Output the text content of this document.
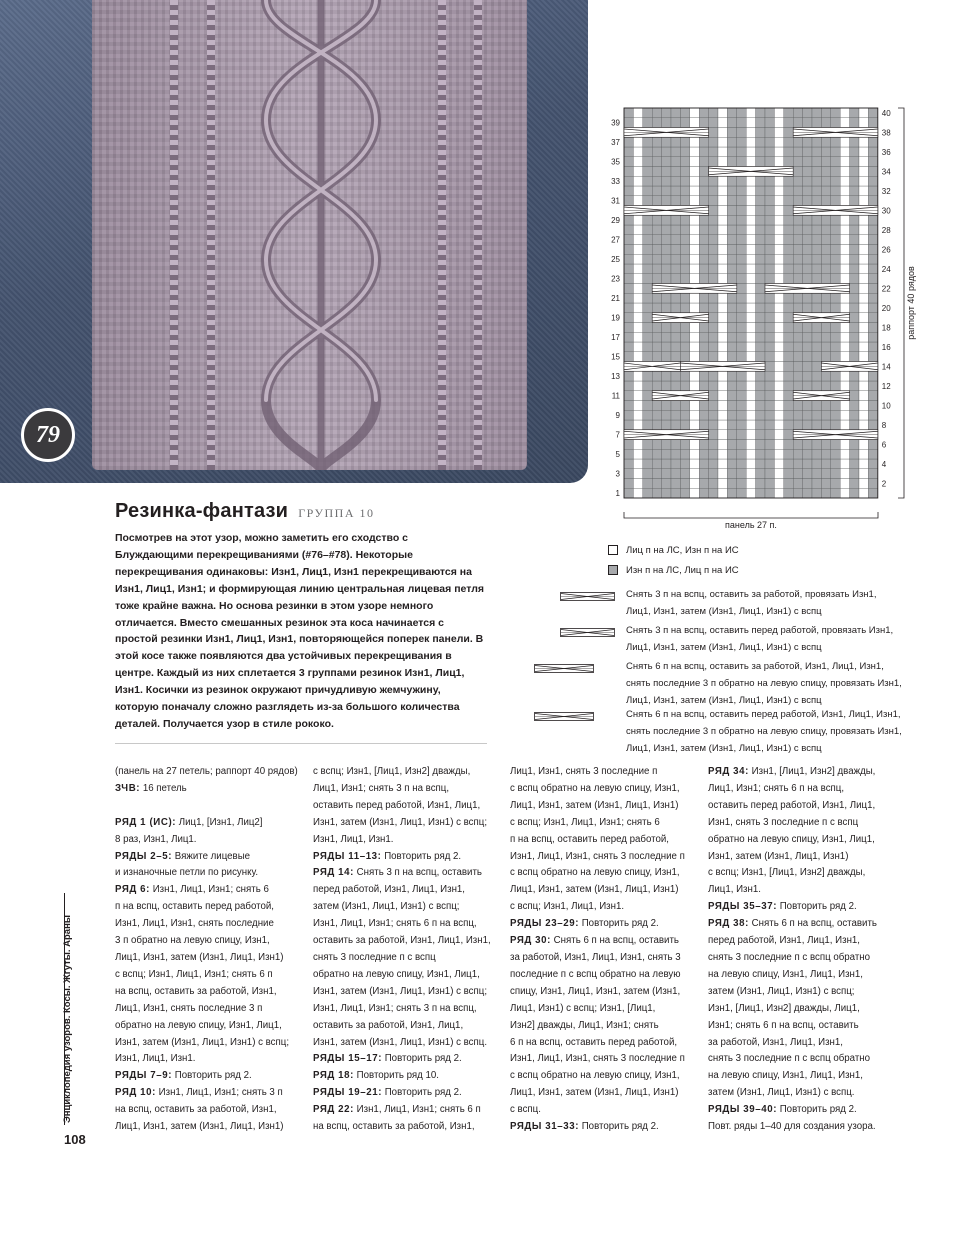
79
39
37
35
33
31
29
27
25
23
21
19
17
15
13
11
9
7
5
3
1
40
38
36
34
32
30
28
26
24
22
20
18
16
14
12
10
8
6
4
2
панель 27 п.
раппорт 40 рядов
Лиц п на ЛС, Изн п на ИС
Изн п на ЛС, Лиц п на ИС
Снять 3 п на вспц, оставить за работой, провязать Изн1,
Лиц1, Изн1, затем (Изн1, Лиц1, Изн1) с вспц
Снять 3 п на вспц, оставить перед работой, провязать Изн1,
Лиц1, Изн1, затем (Изн1, Лиц1, Изн1) с вспц
Снять 6 п на вспц, оставить за работой, Изн1, Лиц1, Изн1,
снять последние 3 п обратно на левую спицу, провязать Изн1,
Лиц1, Изн1, затем (Изн1, Лиц1, Изн1) с вспц
Снять 6 п на вспц, оставить перед работой, Изн1, Лиц1, Изн1,
снять последние 3 п обратно на левую спицу, провязать Изн1,
Лиц1, Изн1, затем (Изн1, Лиц1, Изн1) с вспц
Резинка-фантази ГРУППА 10
Посмотрев на этот узор, можно заметить его сходство с Блуждающими перекрещиваниями (#76–#78). Некоторые перекрещивания одинаковы: Изн1, Лиц1, Изн1 перекрещиваются на Изн1, Лиц1, Изн1; и формирующая линию центральная лицевая петля тоже крайне важна. Но основа резинки в этом узоре немного отличается. Вместо смешанных резинок эта коса начинается с простой резинки Изн1, Лиц1, Изн1, повторяющейся поперек панели. В этой косе также появляются два устойчивых перекрещивания в центре. Каждый из них сплетается 3 группами резинок Изн1, Лиц1, Изн1. Косички из резинок окружают причудливую жемчужину, которую поначалу сложно разглядеть из-за большого количества деталей. Получается узор в стиле рококо.
(панель на 27 петель; раппорт 40 рядов)
ЗЧВ: 16 петель

РЯД 1 (ИС): Лиц1, [Изн1, Лиц2]
8 раз, Изн1, Лиц1.
РЯДЫ 2–5: Вяжите лицевые
и изнаночные петли по рисунку.
РЯД 6: Изн1, Лиц1, Изн1; снять 6
п на вспц, оставить перед работой,
Изн1, Лиц1, Изн1, снять последние
3 п обратно на левую спицу, Изн1,
Лиц1, Изн1, затем (Изн1, Лиц1, Изн1)
с вспц; Изн1, Лиц1, Изн1; снять 6 п
на вспц, оставить за работой, Изн1,
Лиц1, Изн1, снять последние 3 п
обратно на левую спицу, Изн1, Лиц1,
Изн1, затем (Изн1, Лиц1, Изн1) с вспц;
Изн1, Лиц1, Изн1.
РЯДЫ 7–9: Повторить ряд 2.
РЯД 10: Изн1, Лиц1, Изн1; снять 3 п
на вспц, оставить за работой, Изн1,
Лиц1, Изн1, затем (Изн1, Лиц1, Изн1)
с вспц; Изн1, [Лиц1, Изн2] дважды,
Лиц1, Изн1; снять 3 п на вспц,
оставить перед работой, Изн1, Лиц1,
Изн1, затем (Изн1, Лиц1, Изн1) с вспц;
Изн1, Лиц1, Изн1.
РЯДЫ 11–13: Повторить ряд 2.
РЯД 14: Снять 3 п на вспц, оставить
перед работой, Изн1, Лиц1, Изн1,
затем (Изн1, Лиц1, Изн1) с вспц;
Изн1, Лиц1, Изн1; снять 6 п на вспц,
оставить за работой, Изн1, Лиц1, Изн1,
снять 3 последние п с вспц
обратно на левую спицу, Изн1, Лиц1,
Изн1, затем (Изн1, Лиц1, Изн1) с вспц;
Изн1, Лиц1, Изн1; снять 3 п на вспц,
оставить за работой, Изн1, Лиц1,
Изн1, затем (Изн1, Лиц1, Изн1) с вспц.
РЯДЫ 15–17: Повторить ряд 2.
РЯД 18: Повторить ряд 10.
РЯДЫ 19–21: Повторить ряд 2.
РЯД 22: Изн1, Лиц1, Изн1; снять 6 п
на вспц, оставить за работой, Изн1,
Лиц1, Изн1, снять 3 последние п
с вспц обратно на левую спицу, Изн1,
Лиц1, Изн1, затем (Изн1, Лиц1, Изн1)
с вспц; Изн1, Лиц1, Изн1; снять 6
п на вспц, оставить перед работой,
Изн1, Лиц1, Изн1, снять 3 последние п
с вспц обратно на левую спицу, Изн1,
Лиц1, Изн1, затем (Изн1, Лиц1, Изн1)
с вспц; Изн1, Лиц1, Изн1.
РЯДЫ 23–29: Повторить ряд 2.
РЯД 30: Снять 6 п на вспц, оставить
за работой, Изн1, Лиц1, Изн1, снять 3
последние п с вспц обратно на левую
спицу, Изн1, Лиц1, Изн1, затем (Изн1,
Лиц1, Изн1) с вспц; Изн1, [Лиц1,
Изн2] дважды, Лиц1, Изн1; снять
6 п на вспц, оставить перед работой,
Изн1, Лиц1, Изн1, снять 3 последние п
с вспц обратно на левую спицу, Изн1,
Лиц1, Изн1, затем (Изн1, Лиц1, Изн1)
с вспц.
РЯДЫ 31–33: Повторить ряд 2.
РЯД 34: Изн1, [Лиц1, Изн2] дважды,
Лиц1, Изн1; снять 6 п на вспц,
оставить перед работой, Изн1, Лиц1,
Изн1, снять 3 последние п с вспц
обратно на левую спицу, Изн1, Лиц1,
Изн1, затем (Изн1, Лиц1, Изн1)
с вспц; Изн1, [Лиц1, Изн2] дважды,
Лиц1, Изн1.
РЯДЫ 35–37: Повторить ряд 2.
РЯД 38: Снять 6 п на вспц, оставить
перед работой, Изн1, Лиц1, Изн1,
снять 3 последние п с вспц обратно
на левую спицу, Изн1, Лиц1, Изн1,
затем (Изн1, Лиц1, Изн1) с вспц;
Изн1, [Лиц1, Изн2] дважды, Лиц1,
Изн1; снять 6 п на вспц, оставить
за работой, Изн1, Лиц1, Изн1,
снять 3 последние п с вспц обратно
на левую спицу, Изн1, Лиц1, Изн1,
затем (Изн1, Лиц1, Изн1) с вспц.
РЯДЫ 39–40: Повторить ряд 2.
Повт. ряды 1–40 для создания узора.
Энциклопедия узоров. Косы. Жгуты. Араны
108
